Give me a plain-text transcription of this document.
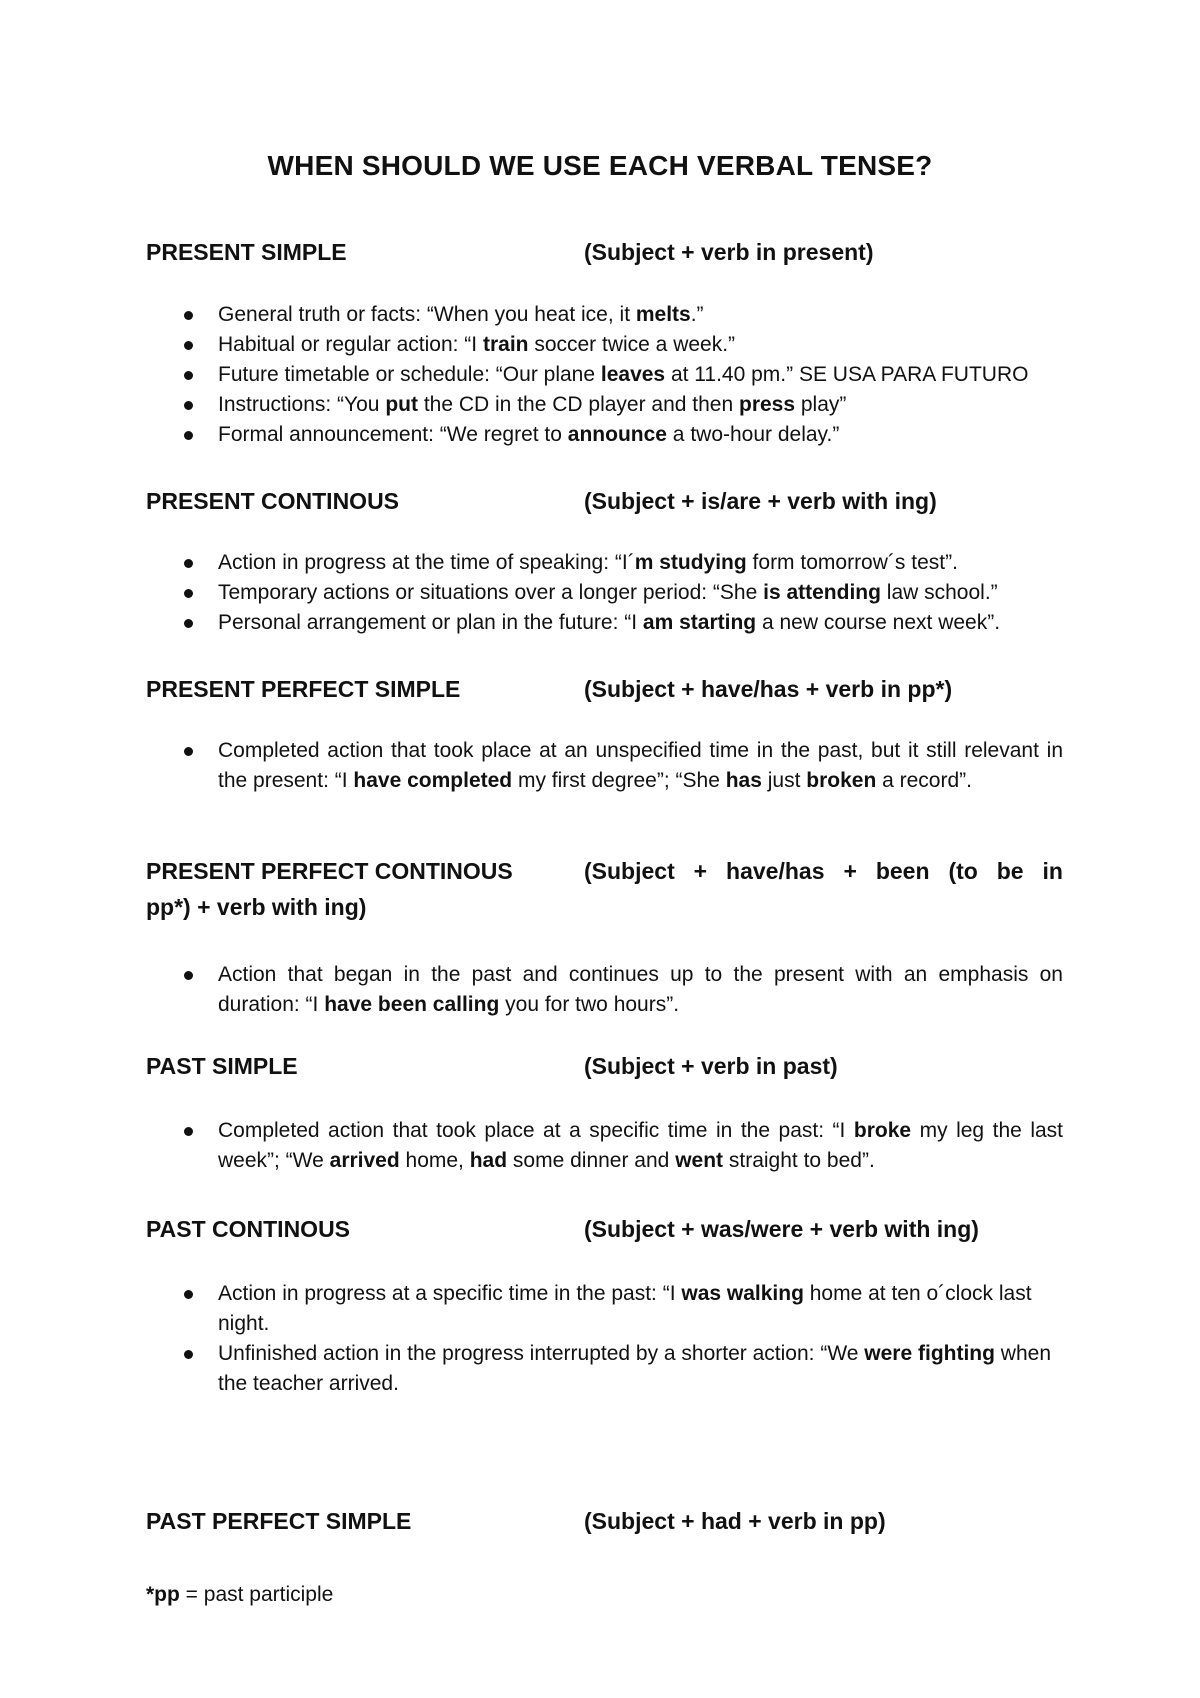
WHEN SHOULD WE USE EACH VERBAL TENSE?
PRESENT SIMPLE	(Subject + verb in present)
General truth or facts: “When you heat ice, it melts.”
Habitual or regular action: “I train soccer twice a week.”
Future timetable or schedule: “Our plane leaves at 11.40 pm.” SE USA PARA FUTURO
Instructions: “You put the CD in the CD player and then press play”
Formal announcement: “We regret to announce a two-hour delay.”
PRESENT CONTINOUS	(Subject + is/are + verb with ing)
Action in progress at the time of speaking: “I´m studying form tomorrow´s test”.
Temporary actions or situations over a longer period: “She is attending law school.”
Personal arrangement or plan in the future: “I am starting a new course next week”.
PRESENT PERFECT SIMPLE	(Subject + have/has + verb in pp*)
Completed action that took place at an unspecified time in the past, but it still relevant in the present: “I have completed my first degree”; “She has just broken a record”.
PRESENT PERFECT CONTINOUS	(Subject + have/has + been (to be in
pp*) + verb with ing)
Action that began in the past and continues up to the present with an emphasis on duration: “I have been calling you for two hours”.
PAST SIMPLE	(Subject + verb in past)
Completed action that took place at a specific time in the past: “I broke my leg the last week”; “We arrived home, had some dinner and went straight to bed”.
PAST CONTINOUS	(Subject + was/were + verb with ing)
Action in progress at a specific time in the past: “I was walking home at ten o´clock last night.
Unfinished action in the progress interrupted by a shorter action: “We were fighting when the teacher arrived.
PAST PERFECT SIMPLE	(Subject + had + verb in pp)
*pp = past participle
